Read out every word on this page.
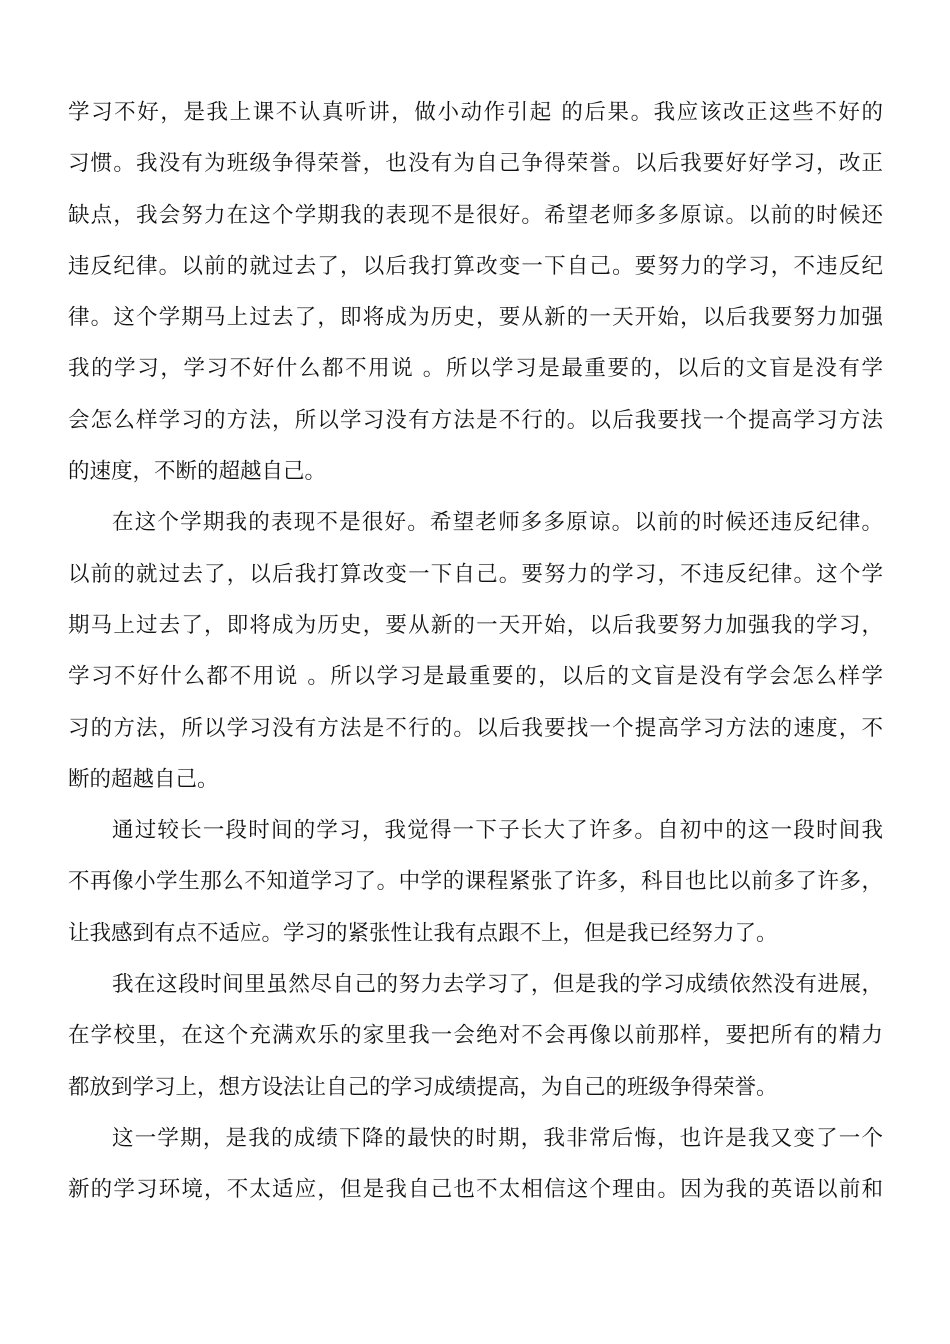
学习不好，是我上课不认真听讲，做小动作引起 的后果。我应该改正这些不好的
习惯。我没有为班级争得荣誉，也没有为自己争得荣誉。以后我要好好学习，改正
缺点，我会努力在这个学期我的表现不是很好。希望老师多多原谅。以前的时候还
违反纪律。以前的就过去了，以后我打算改变一下自己。要努力的学习，不违反纪
律。这个学期马上过去了，即将成为历史，要从新的一天开始，以后我要努力加强
我的学习，学习不好什么都不用说 。所以学习是最重要的，以后的文盲是没有学
会怎么样学习的方法，所以学习没有方法是不行的。以后我要找一个提高学习方法
的速度，不断的超越自己。
在这个学期我的表现不是很好。希望老师多多原谅。以前的时候还违反纪律。
以前的就过去了，以后我打算改变一下自己。要努力的学习，不违反纪律。这个学
期马上过去了，即将成为历史，要从新的一天开始，以后我要努力加强我的学习，
学习不好什么都不用说 。所以学习是最重要的，以后的文盲是没有学会怎么样学
习的方法，所以学习没有方法是不行的。以后我要找一个提高学习方法的速度，不
断的超越自己。
通过较长一段时间的学习，我觉得一下子长大了许多。自初中的这一段时间我
不再像小学生那么不知道学习了。中学的课程紧张了许多，科目也比以前多了许多，
让我感到有点不适应。学习的紧张性让我有点跟不上，但是我已经努力了。
我在这段时间里虽然尽自己的努力去学习了，但是我的学习成绩依然没有进展，
在学校里，在这个充满欢乐的家里我一会绝对不会再像以前那样，要把所有的精力
都放到学习上，想方设法让自己的学习成绩提高，为自己的班级争得荣誉。
这一学期，是我的成绩下降的最快的时期，我非常后悔，也许是我又变了一个
新的学习环境，不太适应，但是我自己也不太相信这个理由。因为我的英语以前和
